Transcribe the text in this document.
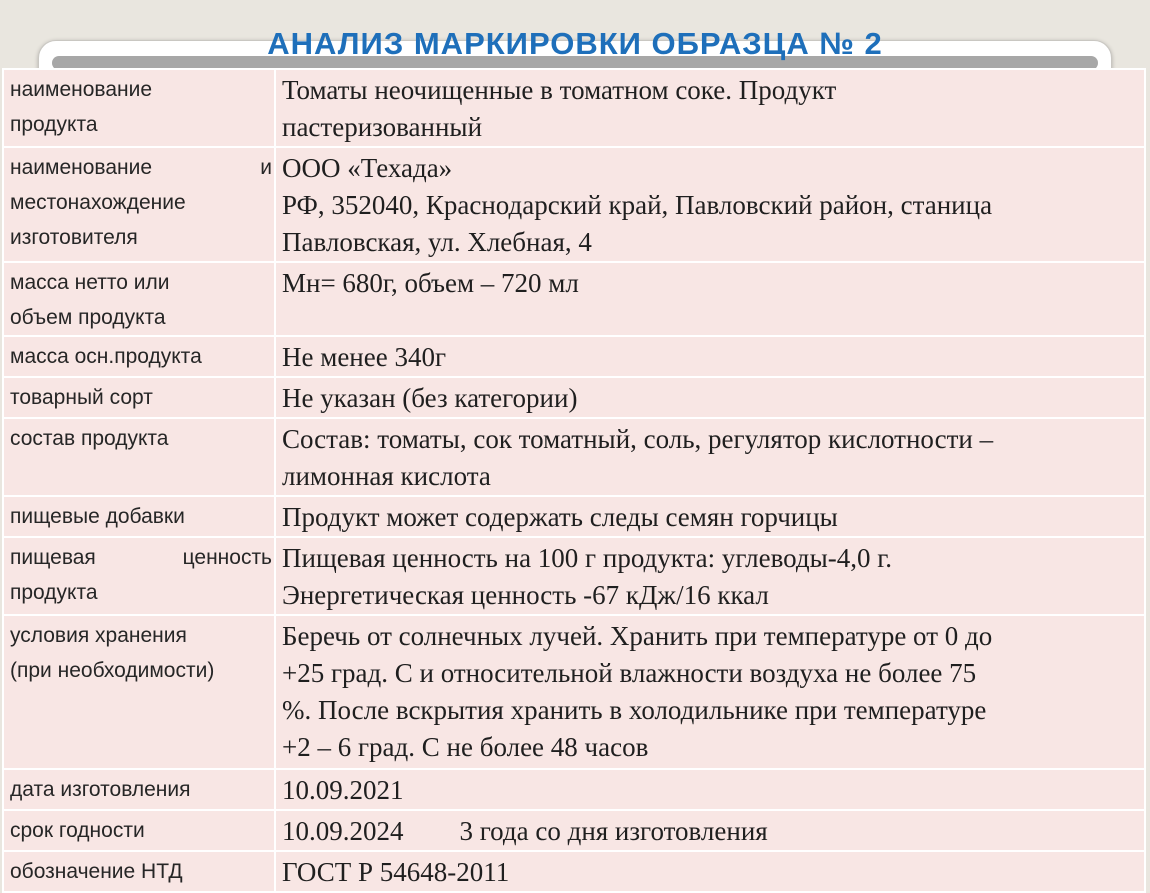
АНАЛИЗ МАРКИРОВКИ ОБРАЗЦА № 2
наименование
продукта	Томаты неочищенные в томатном соке. Продукт
пастеризованный

наименование и
местонахождение
изготовителя	ООО «Техада»
РФ, 352040, Краснодарский край, Павловский район, станица
Павловская, ул. Хлебная, 4

масса нетто или
объем продукта	Мн= 680г, объем – 720 мл

масса осн.продукта	Не менее 340г

товарный сорт	Не указан (без категории)

состав продукта	Состав: томаты, сок томатный, соль, регулятор кислотности –
лимонная кислота

пищевые добавки	Продукт может содержать следы семян горчицы

пищевая ценность
продукта	Пищевая ценность на 100 г продукта: углеводы-4,0 г.
Энергетическая ценность -67 кДж/16 ккал

условия хранения
(при необходимости)	Беречь от солнечных лучей. Хранить при температуре от 0 до
+25 град. С и относительной влажности воздуха не более 75
%. После вскрытия хранить в холодильнике при температуре
+2 – 6 град. С не более 48 часов

дата изготовления	10.09.2021

срок годности	10.09.2024 3 года со дня изготовления

обозначение НТД	ГОСТ Р 54648-2011
